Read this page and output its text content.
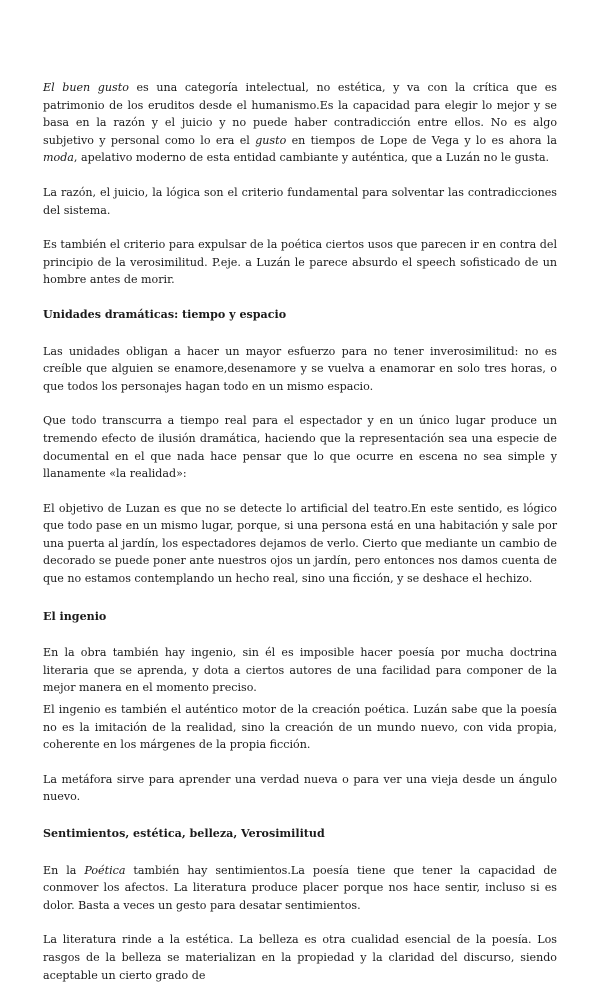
El buen gusto es una categoría intelectual, no estética, y va con la crítica que es patrimonio de los eruditos desde el humanismo.Es la capacidad para elegir lo mejor y se basa en la razón y el juicio y no puede haber contradicción entre ellos. No es algo subjetivo y personal como lo era el gusto en tiempos de Lope de Vega y lo es ahora la moda, apelativo moderno de esta entidad cambiante y auténtica, que a Luzán no le gusta.

La razón, el juicio, la lógica son el criterio fundamental para solventar las contradicciones del sistema.

Es también el criterio para expulsar de la poética ciertos usos que parecen ir en contra del principio de la verosimilitud. P.eje. a Luzán le parece absurdo el speech sofisticado de un hombre antes de morir.

Unidades dramáticas: tiempo y espacio

Las unidades obligan a hacer un mayor esfuerzo para no tener inverosimilitud: no es creíble que alguien se enamore,desenamore y se vuelva a enamorar en solo tres horas, o que todos los personajes hagan todo en un mismo espacio.

Que todo transcurra a tiempo real para el espectador y en un único lugar produce un tremendo efecto de ilusión dramática, haciendo que la representación sea una especie de documental en el que nada hace pensar que lo que ocurre en escena no sea simple y llanamente «la realidad»:

El objetivo de Luzan es que no se detecte lo artificial del teatro.En este sentido, es lógico que todo pase en un mismo lugar, porque, si una persona está en una habitación y sale por una puerta al jardín, los espectadores dejamos de verlo. Cierto que mediante un cambio de decorado se puede poner ante nuestros ojos un jardín, pero entonces nos damos cuenta de que no estamos contemplando un hecho real, sino una ficción, y se deshace el hechizo.

El ingenio

En la obra también hay ingenio, sin él es imposible hacer poesía por mucha doctrina literaria que se aprenda, y dota a ciertos autores de una facilidad para componer de la mejor manera en el momento preciso.

El ingenio es también el auténtico motor de la creación poética. Luzán sabe que la poesía no es la imitación de la realidad, sino la creación de un mundo nuevo, con vida propia, coherente en los márgenes de la propia ficción.

La metáfora sirve para aprender una verdad nueva o para ver una vieja desde un ángulo nuevo.

Sentimientos, estética, belleza, Verosimilitud

En la Poética también hay sentimientos.La poesía tiene que tener la capacidad de conmover los afectos. La literatura produce placer porque nos hace sentir, incluso si es dolor. Basta a veces un gesto para desatar sentimientos.

La literatura rinde a la estética. La belleza es otra cualidad esencial de la poesía. Los rasgos de la belleza se materializan en la propiedad y la claridad del discurso, siendo aceptable un cierto grado de
